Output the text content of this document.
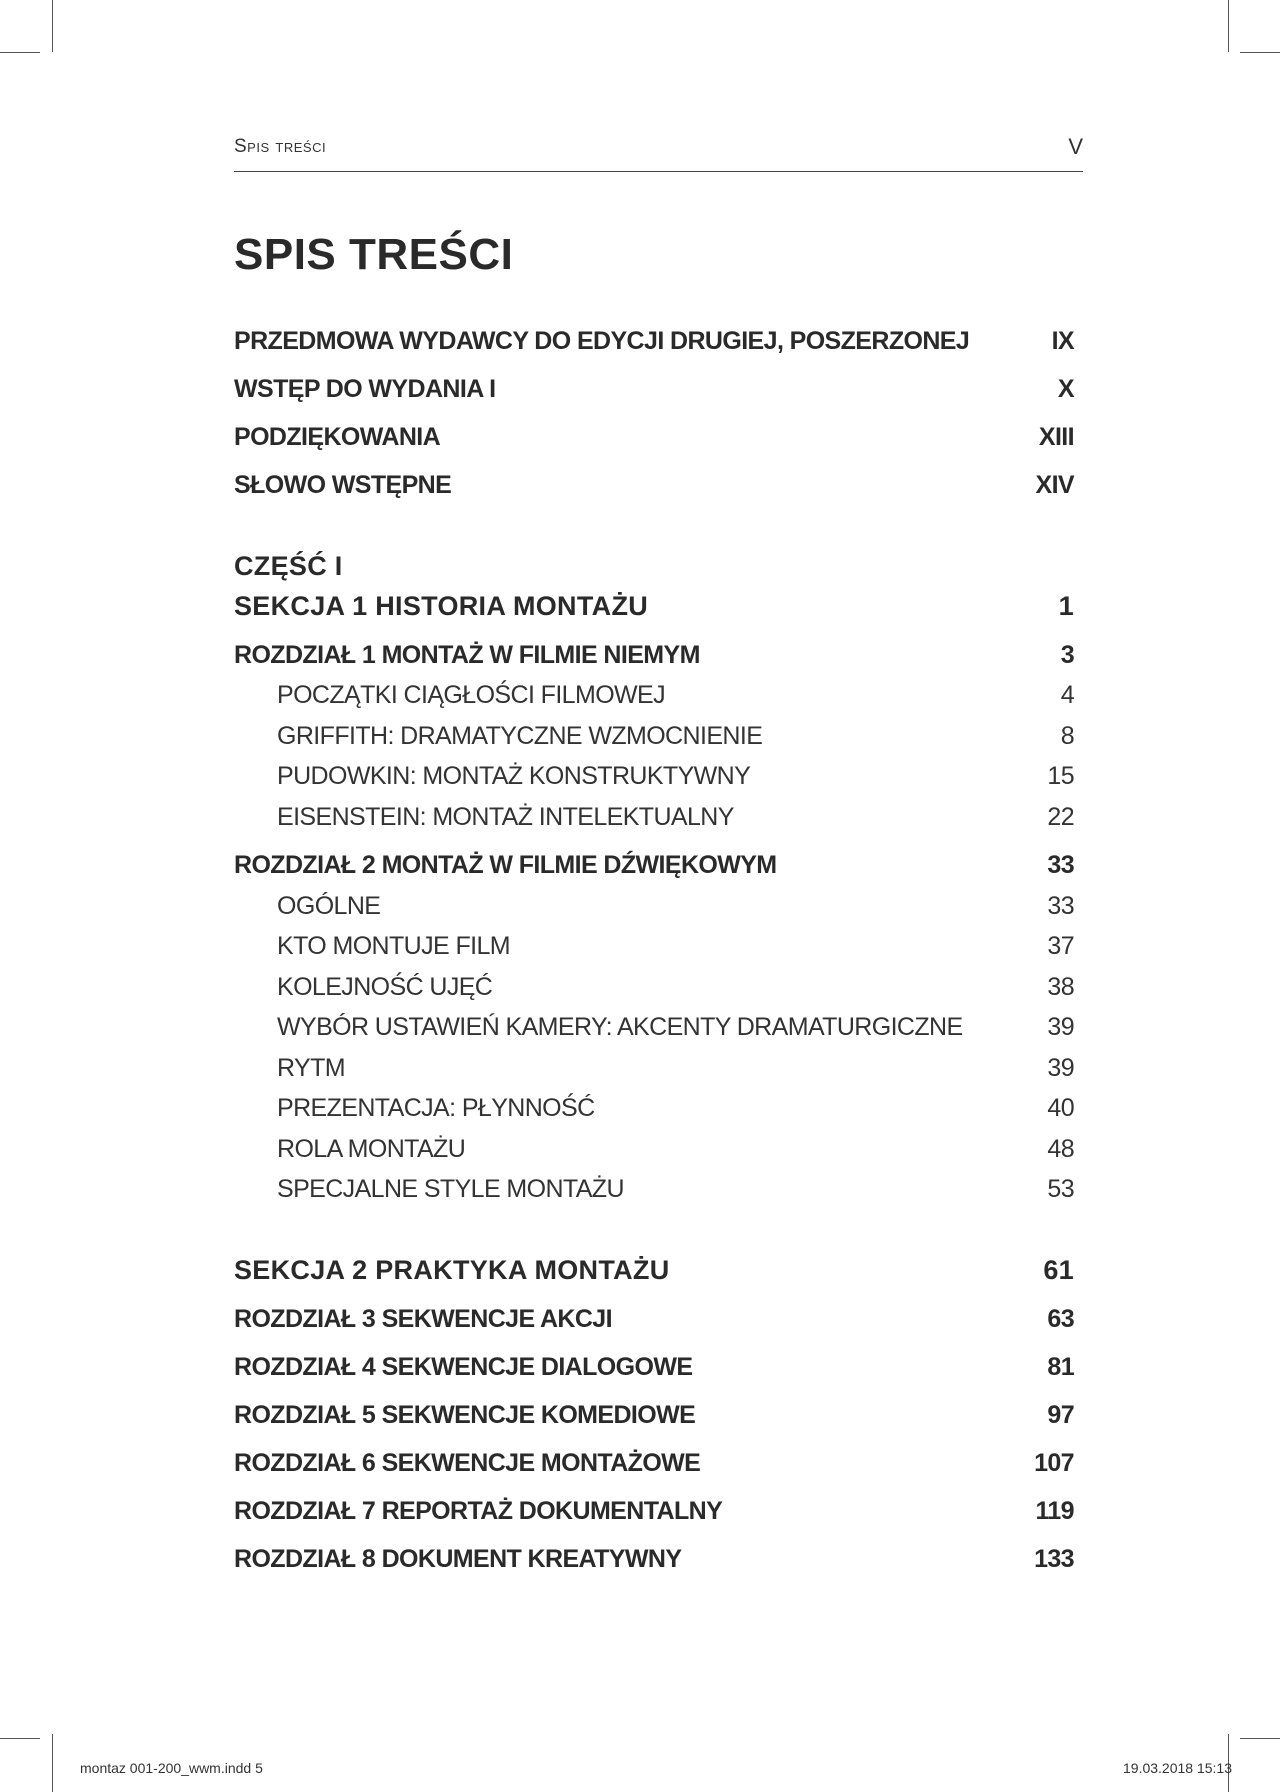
Spis treści	V
SPIS TREŚCI
PRZEDMOWA WYDAWCY DO EDYCJI DRUGIEJ, POSZERZONEJ	IX
WSTĘP DO WYDANIA I	X
PODZIĘKOWANIA	XIII
SŁOWO WSTĘPNE	XIV
CZĘŚĆ I
SEKCJA 1 HISTORIA MONTAŻU	1
ROZDZIAŁ 1 MONTAŻ W FILMIE NIEMYM	3
POCZĄTKI CIĄGŁOŚCI FILMOWEJ	4
GRIFFITH: DRAMATYCZNE WZMOCNIENIE	8
PUDOWKIN: MONTAŻ KONSTRUKTYWNY	15
EISENSTEIN: MONTAŻ INTELEKTUALNY	22
ROZDZIAŁ 2 MONTAŻ W FILMIE DŹWIĘKOWYM	33
OGÓLNE	33
KTO MONTUJE FILM	37
KOLEJNOŚĆ UJĘĆ	38
WYBÓR USTAWIEŃ KAMERY: AKCENTY DRAMATURGICZNE	39
RYTM	39
PREZENTACJA: PŁYNNOŚĆ	40
ROLA MONTAŻU	48
SPECJALNE STYLE MONTAŻU	53
SEKCJA 2 PRAKTYKA MONTAŻU	61
ROZDZIAŁ 3 SEKWENCJE AKCJI	63
ROZDZIAŁ 4 SEKWENCJE DIALOGOWE	81
ROZDZIAŁ 5 SEKWENCJE KOMEDIOWE	97
ROZDZIAŁ 6 SEKWENCJE MONTAŻOWE	107
ROZDZIAŁ 7 REPORTAŻ DOKUMENTALNY	119
ROZDZIAŁ 8 DOKUMENT KREATYWNY	133
montaz 001-200_wwm.indd 5	19.03.2018 15:13
